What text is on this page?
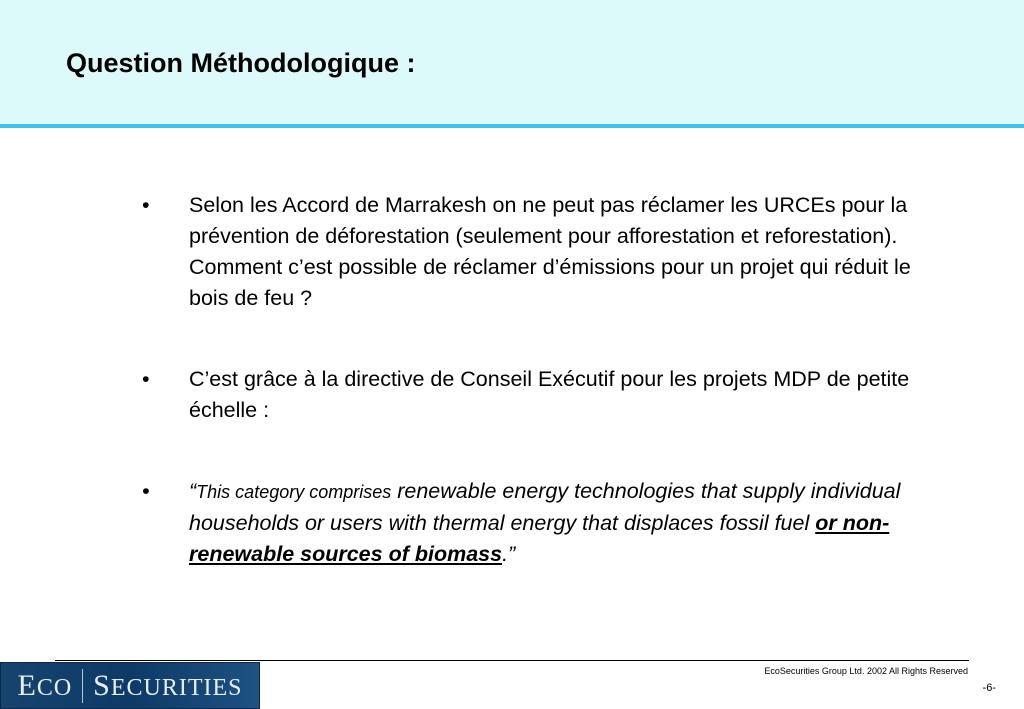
Question Méthodologique :
• Selon les Accord de Marrakesh on ne peut pas réclamer les URCEs pour la prévention de déforestation (seulement pour afforestation et reforestation). Comment c’est possible de réclamer d’émissions pour un projet qui réduit le bois de feu ?
• C’est grâce à la directive de Conseil Exécutif pour les projets MDP de petite échelle :
• “This category comprises renewable energy technologies that supply individual households or users with thermal energy that displaces fossil fuel or non-renewable sources of biomass.”
ECO SECURITIES
EcoSecurities Group Ltd. 2002 All Rights Reserved
-6-
